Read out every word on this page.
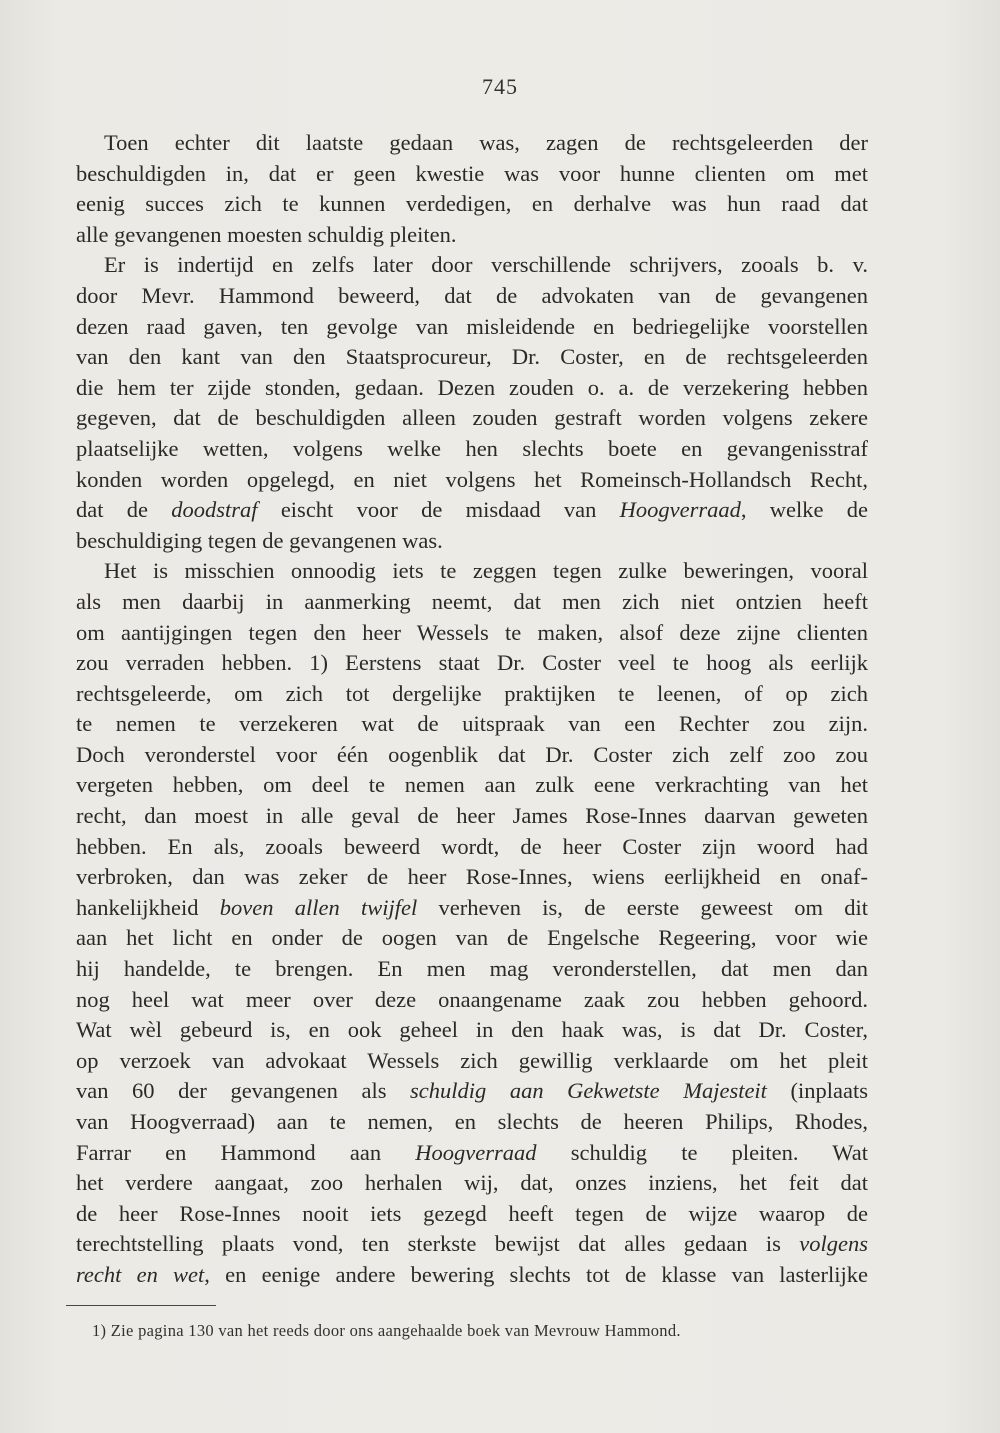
745
Toen echter dit laatste gedaan was, zagen de rechtsgeleerden der
beschuldigden in, dat er geen kwestie was voor hunne clienten om met
eenig succes zich te kunnen verdedigen, en derhalve was hun raad dat
alle gevangenen moesten schuldig pleiten.
Er is indertijd en zelfs later door verschillende schrijvers, zooals b. v.
door Mevr. Hammond beweerd, dat de advokaten van de gevangenen
dezen raad gaven, ten gevolge van misleidende en bedriegelijke voorstellen
van den kant van den Staatsprocureur, Dr. Coster, en de rechtsgeleerden
die hem ter zijde stonden, gedaan. Dezen zouden o. a. de verzekering hebben
gegeven, dat de beschuldigden alleen zouden gestraft worden volgens zekere
plaatselijke wetten, volgens welke hen slechts boete en gevangenisstraf
konden worden opgelegd, en niet volgens het Romeinsch-Hollandsch Recht,
dat de doodstraf eischt voor de misdaad van Hoogverraad, welke de
beschuldiging tegen de gevangenen was.
Het is misschien onnoodig iets te zeggen tegen zulke beweringen, vooral
als men daarbij in aanmerking neemt, dat men zich niet ontzien heeft
om aantijgingen tegen den heer Wessels te maken, alsof deze zijne clienten
zou verraden hebben. 1) Eerstens staat Dr. Coster veel te hoog als eerlijk
rechtsgeleerde, om zich tot dergelijke praktijken te leenen, of op zich
te nemen te verzekeren wat de uitspraak van een Rechter zou zijn.
Doch veronderstel voor één oogenblik dat Dr. Coster zich zelf zoo zou
vergeten hebben, om deel te nemen aan zulk eene verkrachting van het
recht, dan moest in alle geval de heer James Rose-Innes daarvan geweten
hebben. En als, zooals beweerd wordt, de heer Coster zijn woord had
verbroken, dan was zeker de heer Rose-Innes, wiens eerlijkheid en onaf-
hankelijkheid boven allen twijfel verheven is, de eerste geweest om dit
aan het licht en onder de oogen van de Engelsche Regeering, voor wie
hij handelde, te brengen. En men mag veronderstellen, dat men dan
nog heel wat meer over deze onaangename zaak zou hebben gehoord.
Wat wèl gebeurd is, en ook geheel in den haak was, is dat Dr. Coster,
op verzoek van advokaat Wessels zich gewillig verklaarde om het pleit
van 60 der gevangenen als schuldig aan Gekwetste Majesteit (inplaats
van Hoogverraad) aan te nemen, en slechts de heeren Philips, Rhodes,
Farrar en Hammond aan Hoogverraad schuldig te pleiten. Wat
het verdere aangaat, zoo herhalen wij, dat, onzes inziens, het feit dat
de heer Rose-Innes nooit iets gezegd heeft tegen de wijze waarop de
terechtstelling plaats vond, ten sterkste bewijst dat alles gedaan is volgens
recht en wet, en eenige andere bewering slechts tot de klasse van lasterlijke
1) Zie pagina 130 van het reeds door ons aangehaalde boek van Mevrouw Hammond.
